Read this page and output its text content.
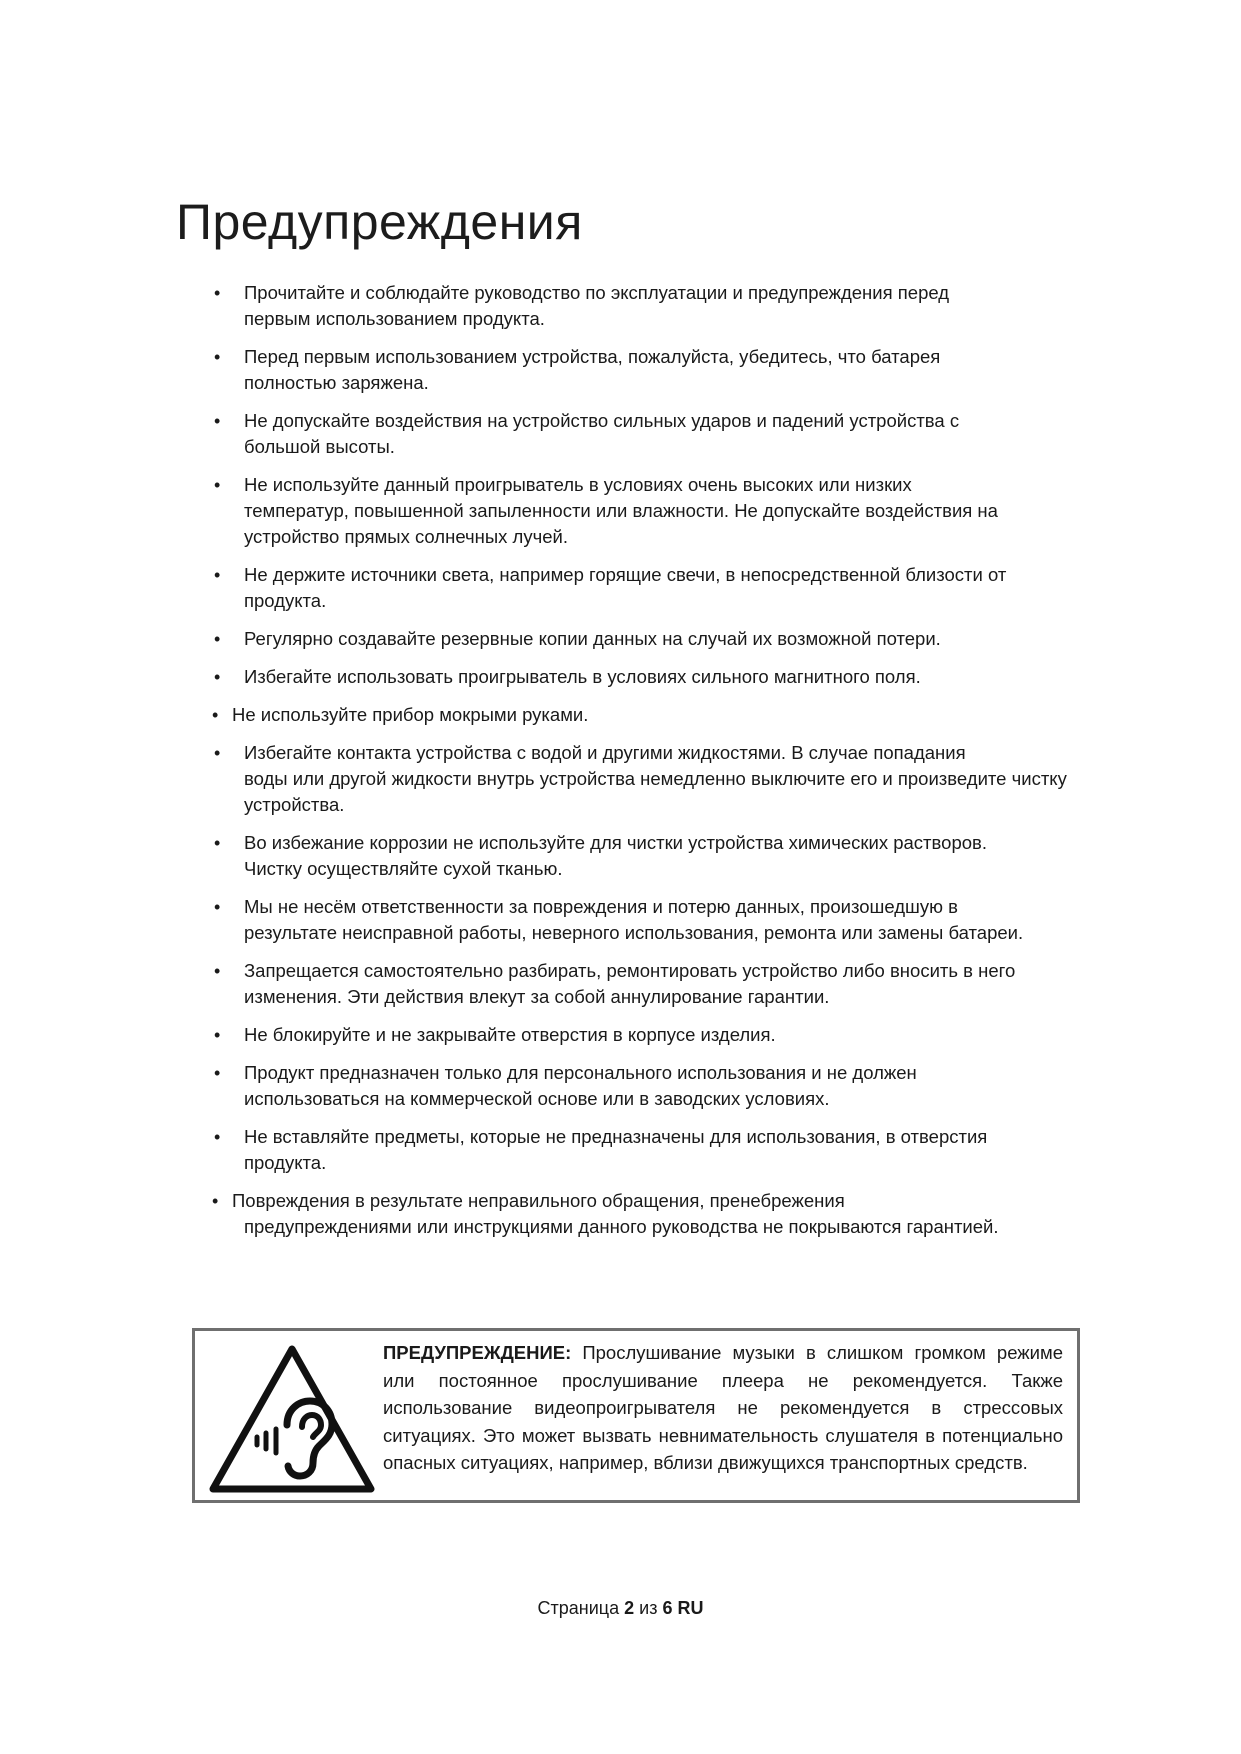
Предупреждения
• Прочитайте и соблюдайте руководство по эксплуатации и предупреждения перед
первым использованием продукта.
• Перед первым использованием устройства, пожалуйста, убедитесь, что батарея
полностью заряжена.
• Не допускайте воздействия на устройство сильных ударов и падений устройства с
большой высоты.
• Не используйте данный проигрыватель в условиях очень высоких или низких
температур, повышенной запыленности или влажности. Не допускайте воздействия на устройство прямых солнечных лучей.
• Не держите источники света, например горящие свечи, в непосредственной близости от
продукта.
• Регулярно создавайте резервные копии данных на случай их возможной потери.
• Избегайте использовать проигрыватель в условиях сильного магнитного поля.
• Не используйте прибор мокрыми руками.
• Избегайте контакта устройства с водой и другими жидкостями. В случае попадания
воды или другой жидкости внутрь устройства немедленно выключите его и произведите чистку устройства.
• Во избежание коррозии не используйте для чистки устройства химических растворов.
Чистку осуществляйте сухой тканью.
• Мы не несём ответственности за повреждения и потерю данных, произошедшую в
результате неисправной работы, неверного использования, ремонта или замены батареи.
• Запрещается самостоятельно разбирать, ремонтировать устройство либо вносить в него
изменения. Эти действия влекут за собой аннулирование гарантии.
• Не блокируйте и не закрывайте отверстия в корпусе изделия.
• Продукт предназначен только для персонального использования и не должен
использоваться на коммерческой основе или в заводских условиях.
• Не вставляйте предметы, которые не предназначены для использования, в отверстия
продукта.
• Повреждения в результате неправильного обращения, пренебрежения
предупреждениями или инструкциями данного руководства не покрываются гарантией.

ПРЕДУПРЕЖДЕНИЕ: Прослушивание музыки в слишком громком режиме или постоянное прослушивание плеера не рекомендуется. Также использование видеопроигрывателя не рекомендуется в стрессовых ситуациях. Это может вызвать невнимательность слушателя в потенциально опасных ситуациях, например, вблизи движущихся транспортных средств.

Страница 2 из 6 RU
